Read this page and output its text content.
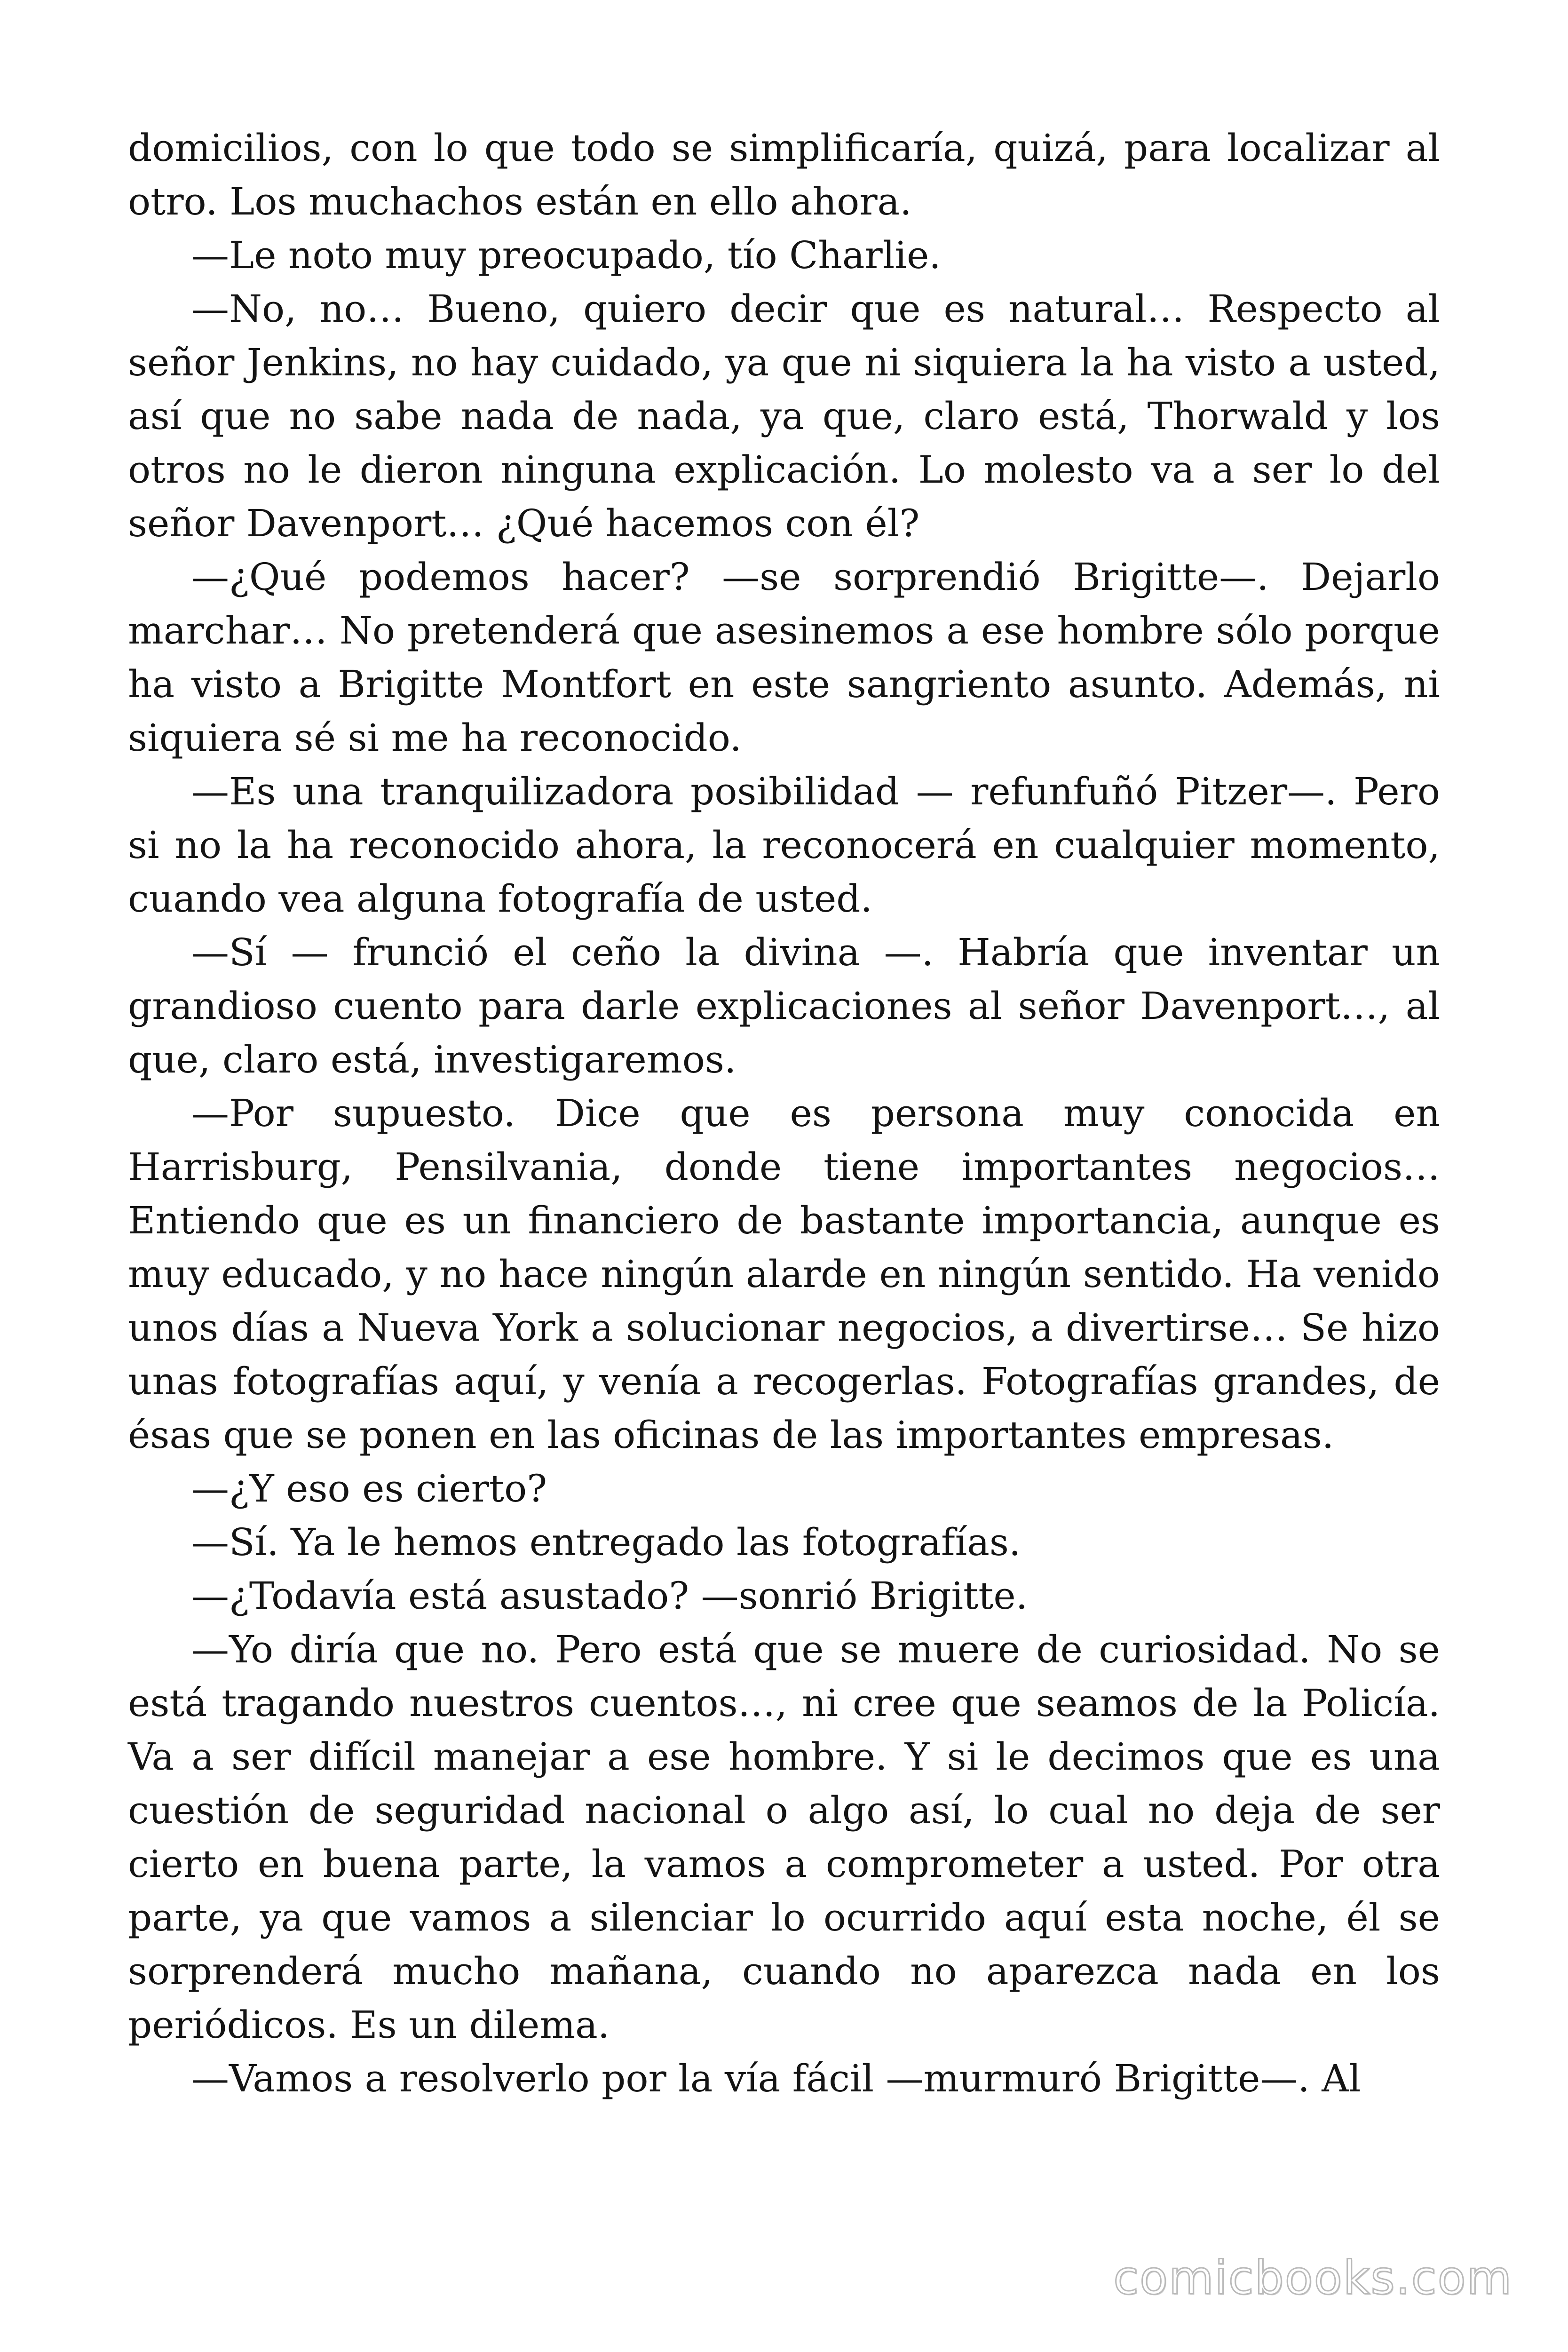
domicilios, con lo que todo se simplificaría, quizá, para localizar al otro. Los muchachos están en ello ahora.

—Le noto muy preocupado, tío Charlie.

—No, no… Bueno, quiero decir que es natural… Respecto al señor Jenkins, no hay cuidado, ya que ni siquiera la ha visto a usted, así que no sabe nada de nada, ya que, claro está, Thorwald y los otros no le dieron ninguna explicación. Lo molesto va a ser lo del señor Davenport… ¿Qué hacemos con él?

—¿Qué podemos hacer? —se sorprendió Brigitte—. Dejarlo marchar… No pretenderá que asesinemos a ese hombre sólo porque ha visto a Brigitte Montfort en este sangriento asunto. Además, ni siquiera sé si me ha reconocido.

—Es una tranquilizadora posibilidad — refunfuñó Pitzer—. Pero si no la ha reconocido ahora, la reconocerá en cualquier momento, cuando vea alguna fotografía de usted.

—Sí — frunció el ceño la divina —. Habría que inventar un grandioso cuento para darle explicaciones al señor Davenport…, al que, claro está, investigaremos.

—Por supuesto. Dice que es persona muy conocida en Harrisburg, Pensilvania, donde tiene importantes negocios… Entiendo que es un financiero de bastante importancia, aunque es muy educado, y no hace ningún alarde en ningún sentido. Ha venido unos días a Nueva York a solucionar negocios, a divertirse… Se hizo unas fotografías aquí, y venía a recogerlas. Fotografías grandes, de ésas que se ponen en las oficinas de las importantes empresas.

—¿Y eso es cierto?

—Sí. Ya le hemos entregado las fotografías.

—¿Todavía está asustado? —sonrió Brigitte.

—Yo diría que no. Pero está que se muere de curiosidad. No se está tragando nuestros cuentos…, ni cree que seamos de la Policía. Va a ser difícil manejar a ese hombre. Y si le decimos que es una cuestión de seguridad nacional o algo así, lo cual no deja de ser cierto en buena parte, la vamos a comprometer a usted. Por otra parte, ya que vamos a silenciar lo ocurrido aquí esta noche, él se sorprenderá mucho mañana, cuando no aparezca nada en los periódicos. Es un dilema.

—Vamos a resolverlo por la vía fácil —murmuró Brigitte—. Al

comicbooks.com
